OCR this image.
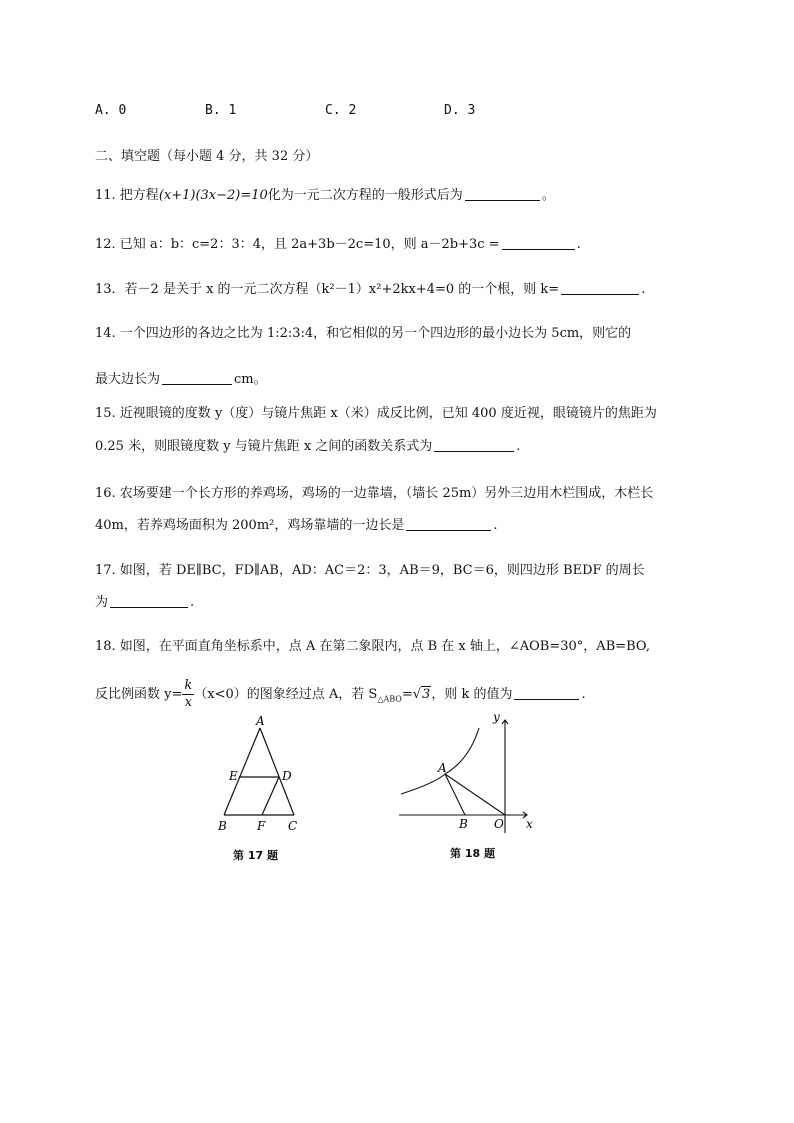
A. 0	B. 1	C. 2	D. 3
二、填空题（每小题 4 分，共 32 分）
11. 把方程(x+1)(3x−2)=10化为一元二次方程的一般形式后为	。
12. 已知 a：b：c=2：3：4，且 2a+3b－2c=10，则 a－2b+3c =	.
13．若－2 是关于 x 的一元二次方程（k²－1）x²+2kx+4=0 的一个根，则 k=	.
14. 一个四边形的各边之比为 1:2:3:4，和它相似的另一个四边形的最小边长为 5cm，则它的
最大边长为	cm。
15. 近视眼镜的度数 y（度）与镜片焦距 x（米）成反比例，已知 400 度近视，眼镜镜片的焦距为
0.25 米，则眼镜度数 y 与镜片焦距 x 之间的函数关系式为	.
16. 农场要建一个长方形的养鸡场，鸡场的一边靠墙，（墙长 25m）另外三边用木栏围成，木栏长
40m，若养鸡场面积为 200m²，鸡场靠墙的一边长是	.
17. 如图，若 DE∥BC，FD∥AB，AD：AC＝2：3，AB＝9，BC＝6，则四边形 BEDF 的周长
为	.
18. 如图，在平面直角坐标系中，点 A 在第二象限内，点 B 在 x 轴上，∠AOB=30°，AB=BO,
反比例函数 $y= \frac{k}{x} (x<0)$的图象经过点 A，若 $S_{\triangle ABO}=√3$，则 k 的值为	.
A
E	D
B	F C
第 17 题
A
B O x
y
第 18 题
